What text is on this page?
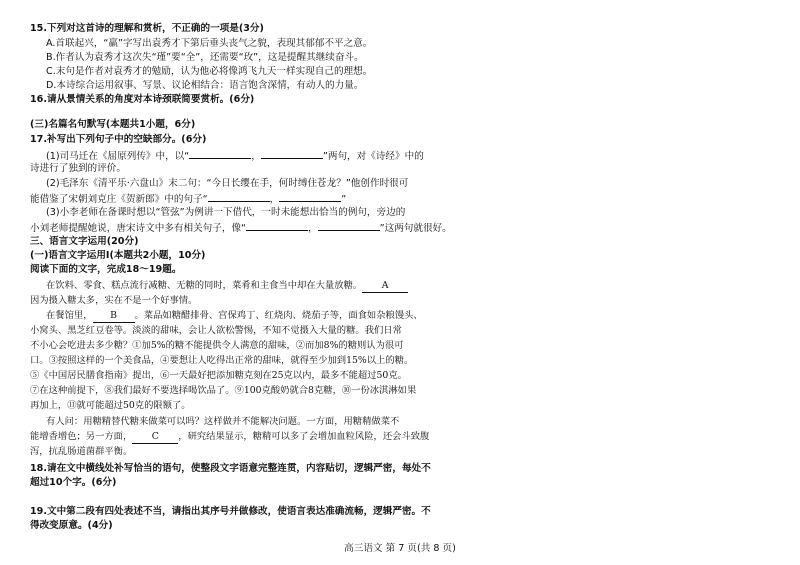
15.下列对这首诗的理解和赏析，不正确的一项是(3分)
A.首联起兴，“羸”字写出袁秀才下第后垂头丧气之貌，表现其郁郁不平之意。
B.作者认为袁秀才这次失“瑾”要“全”，还需要“玫”，这是提醒其继续奋斗。
C.末句是作者对袁秀才的勉励，认为他必将像鸿飞九天一样实现自己的理想。
D.本诗综合运用叙事、写景、议论相结合：语言饱含深情，有动人的力量。
16.请从景情关系的角度对本诗颈联简要赏析。(6分)
(三)名篇名句默写(本题共1小题，6分)
17.补写出下列句子中的空缺部分。(6分)
(1)司马迁在《屈原列传》中，以“	，	”两句，对《诗经》中的
诗进行了独到的评价。
(2)毛泽东《清平乐·六盘山》末二句：“今日长缨在手，何时缚住苍龙？”他创作时很可
能借鉴了宋朝刘克庄《贺新郎》中的句子“	，	”
(3)小李老师在备课时想以“管弦”为例讲一下借代，一时未能想出恰当的例句，旁边的
小刘老师提醒她说，唐宋诗文中多有相关句子，像“	，	”这两句就很好。
三、语言文字运用(20分)
(一)语言文字运用Ⅰ(本题共2小题，10分)
阅读下面的文字，完成18～19题。
在饮料、零食、糕点流行减糖、无糖的同时，菜肴和主食当中却在大量放糖。 A
因为摄入糖太多，实在不是一个好事情。
在餐馆里， B 。菜品如糖醋排骨、宫保鸡丁、红烧肉、烧茄子等，面食如杂粮馒头、
小窝头、黑芝红豆卷等。淡淡的甜味，会让人欲松警惕，不知不觉摄入大量的糖。我们日常
不小心会吃进去多少糖？①加5%的糖不能提供令人满意的甜味，②而加8%的糖则认为很可
口。③按照这样的一个美食品，④要想让人吃得出正常的甜味，就得至少加到15%以上的糖。
⑤《中国居民膳食指南》提出，⑥一天最好把添加糖克刻在25克以内，最多不能超过50克。
⑦在这种前提下，⑧我们最好不要选择喝饮品了。⑨100克酸奶就合8克糖，⑩一份冰淇淋如果
再加上，⑪就可能超过50克的限额了。
有人问：用糖精替代糖来做菜可以吗？这样做并不能解决问题。一方面，用糖精做菜不
能增香增色；另一方面， C ，研究结果显示，糖精可以多了会增加血粒风险，还会斗致腹
泻，抗乱肠道菌群平衡。
18.请在文中横线处补写恰当的语句，使整段文字语意完整连贯，内容贴切，逻辑严密，每处不
超过10个字。(6分)
19.文中第二段有四处表述不当，请指出其序号并做修改，使语言表达准确流畅，逻辑严密。不
得改变原意。(4分)
高三语文 第 7 页(共 8 页)
